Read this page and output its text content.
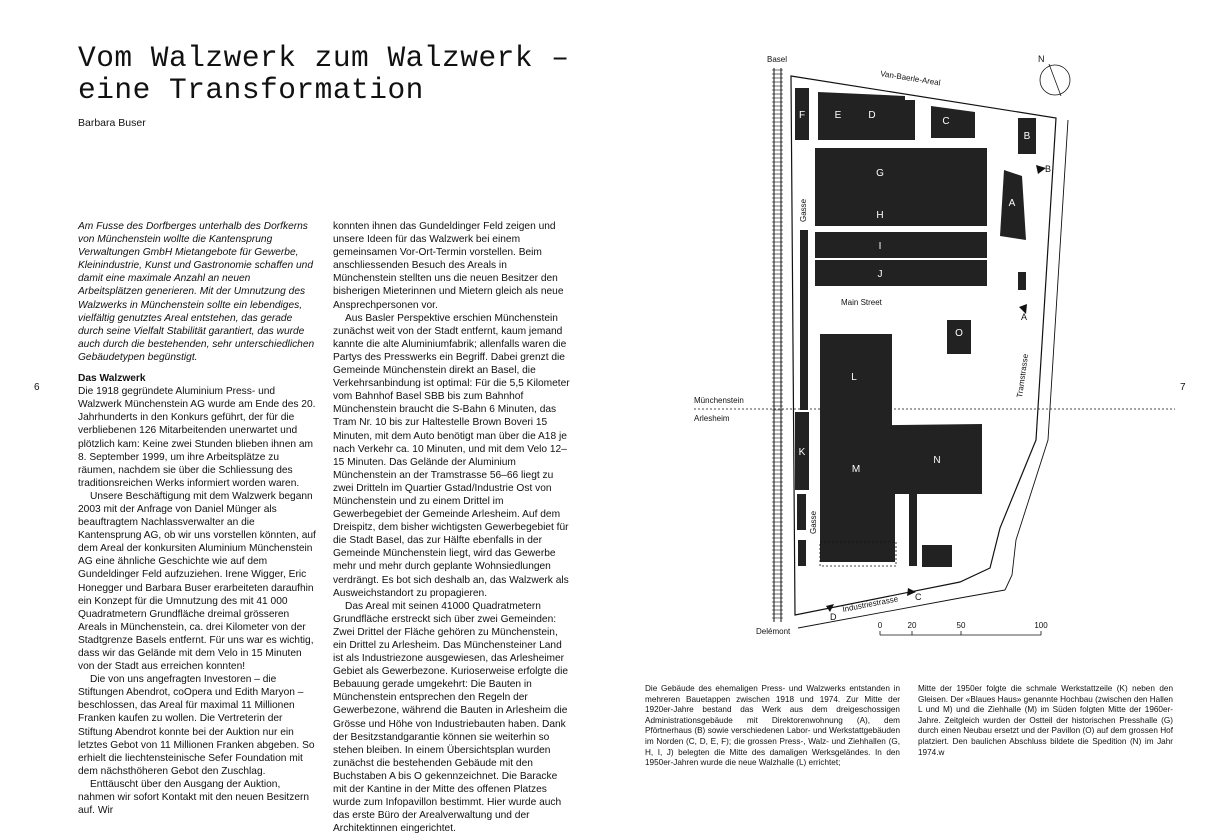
Vom Walzwerk zum Walzwerk –
eine Transformation
Barbara Buser

Am Fusse des Dorfberges unterhalb des Dorfkerns von Münchenstein wollte die Kantensprung Verwaltungen GmbH Mietangebote für Gewerbe, Kleinindustrie, Kunst und Gastronomie schaffen und damit eine maximale Anzahl an neuen Arbeitsplätzen generieren. Mit der Umnutzung des Walzwerks in Münchenstein sollte ein lebendiges, vielfältig genutztes Areal entstehen, das gerade durch seine Vielfalt Stabilität garantiert, das wurde auch durch die bestehenden, sehr unterschiedlichen Gebäudetypen begünstigt.

Das Walzwerk

Die 1918 gegründete Aluminium Press- und Walzwerk Münchenstein AG wurde am Ende des 20. Jahrhunderts in den Konkurs geführt, der für die verbliebenen 126 Mitarbeitenden unerwartet und plötzlich kam: Keine zwei Stunden blieben ihnen am 8. September 1999, um ihre Arbeitsplätze zu räumen, nachdem sie über die Schliessung des traditionsreichen Werks informiert worden waren.

Unsere Beschäftigung mit dem Walzwerk begann 2003 mit der Anfrage von Daniel Münger als beauftragtem Nachlassverwalter an die Kantensprung AG, ob wir uns vorstellen könnten, auf dem Areal der konkursiten Aluminium Münchenstein AG eine ähnliche Geschichte wie auf dem Gundeldinger Feld aufzuziehen. Irene Wigger, Eric Honegger und Barbara Buser erarbeiteten daraufhin ein Konzept für die Umnutzung des mit 41 000 Quadratmetern Grundfläche dreimal grösseren Areals in Münchenstein, ca. drei Kilometer von der Stadtgrenze Basels entfernt. Für uns war es wichtig, dass wir das Gelände mit dem Velo in 15 Minuten von der Stadt aus erreichen konnten!

Die von uns angefragten Investoren – die Stiftungen Abendrot, coOpera und Edith Maryon – beschlossen, das Areal für maximal 11 Millionen Franken kaufen zu wollen. Die Vertreterin der Stiftung Abendrot konnte bei der Auktion nur ein letztes Gebot von 11 Millionen Franken abgeben. So erhielt die liechtensteinische Sefer Foundation mit dem nächsthöheren Gebot den Zuschlag.

Enttäuscht über den Ausgang der Auktion, nahmen wir sofort Kontakt mit den neuen Besitzern auf. Wir

konnten ihnen das Gundeldinger Feld zeigen und unsere Ideen für das Walzwerk bei einem gemeinsamen Vor-Ort-Termin vorstellen. Beim anschliessenden Besuch des Areals in Münchenstein stellten uns die neuen Besitzer den bisherigen Mieterinnen und Mietern gleich als neue Ansprechpersonen vor.

Aus Basler Perspektive erschien Münchenstein zunächst weit von der Stadt entfernt, kaum jemand kannte die alte Aluminiumfabrik; allenfalls waren die Partys des Presswerks ein Begriff. Dabei grenzt die Gemeinde Münchenstein direkt an Basel, die Verkehrsanbindung ist optimal: Für die 5,5 Kilometer vom Bahnhof Basel SBB bis zum Bahnhof Münchenstein braucht die S-Bahn 6 Minuten, das Tram Nr. 10 bis zur Haltestelle Brown Boveri 15 Minuten, mit dem Auto benötigt man über die A18 je nach Verkehr ca. 10 Minuten, und mit dem Velo 12–15 Minuten. Das Gelände der Aluminium Münchenstein an der Tramstrasse 56–66 liegt zu zwei Dritteln im Quartier Gstad/Industrie Ost von Münchenstein und zu einem Drittel im Gewerbegebiet der Gemeinde Arlesheim. Auf dem Dreispitz, dem bisher wichtigsten Gewerbegebiet für die Stadt Basel, das zur Hälfte ebenfalls in der Gemeinde Münchenstein liegt, wird das Gewerbe mehr und mehr durch geplante Wohnsiedlungen verdrängt. Es bot sich deshalb an, das Walzwerk als Ausweichstandort zu propagieren.

Das Areal mit seinen 41000 Quadratmetern Grundfläche erstreckt sich über zwei Gemeinden: Zwei Drittel der Fläche gehören zu Münchenstein, ein Drittel zu Arlesheim. Das Münchensteiner Land ist als Industriezone ausgewiesen, das Arlesheimer Gebiet als Gewerbezone. Kurioserweise erfolgte die Bebauung gerade umgekehrt: Die Bauten in Münchenstein entsprechen den Regeln der Gewerbezone, während die Bauten in Arlesheim die Grösse und Höhe von Industriebauten haben. Dank der Besitzstandgarantie können sie weiterhin so stehen bleiben. In einem Übersichtsplan wurden zunächst die bestehenden Gebäude mit den Buchstaben A bis O gekennzeichnet. Die Baracke mit der Kantine in der Mitte des offenen Platzes wurde zum Infopavillon bestimmt. Hier wurde auch das erste Büro der Arealverwaltung und der Architektinnen eingerichtet.

6	7
F	E	D
C
B
G
H
I
J
A
O
L
K
M
N
Basel
Van-Baerle-Areal
Gasse
Main Street
Tramstrasse
Münchenstein
Arlesheim
Gasse
Industriestrasse
Delémont
B
A
C
D
N
0	20	50	100
Die Gebäude des ehemaligen Press- und Walzwerks entstanden in mehreren Bauetappen zwischen 1918 und 1974. Zur Mitte der 1920er-Jahre bestand das Werk aus dem dreigeschossigen Administrationsgebäude mit Direktorenwohnung (A), dem Pförtnerhaus (B) sowie verschiedenen Labor- und Werkstattgebäuden im Norden (C, D, E, F); die grossen Press-, Walz- und Ziehhallen (G, H, I, J) belegten die Mitte des damaligen Werksgeländes. In den 1950er-Jahren wurde die neue Walzhalle (L) errichtet;
Mitte der 1950er folgte die schmale Werkstattzeile (K) neben den Gleisen. Der «Blaues Haus» genannte Hochbau (zwischen den Hallen L und M) und die Ziehhalle (M) im Süden folgten Mitte der 1960er-Jahre. Zeitgleich wurden der Ostteil der historischen Presshalle (G) durch einen Neubau ersetzt und der Pavillon (O) auf dem grossen Hof platziert. Den baulichen Abschluss bildete die Spedition (N) im Jahr 1974.w
